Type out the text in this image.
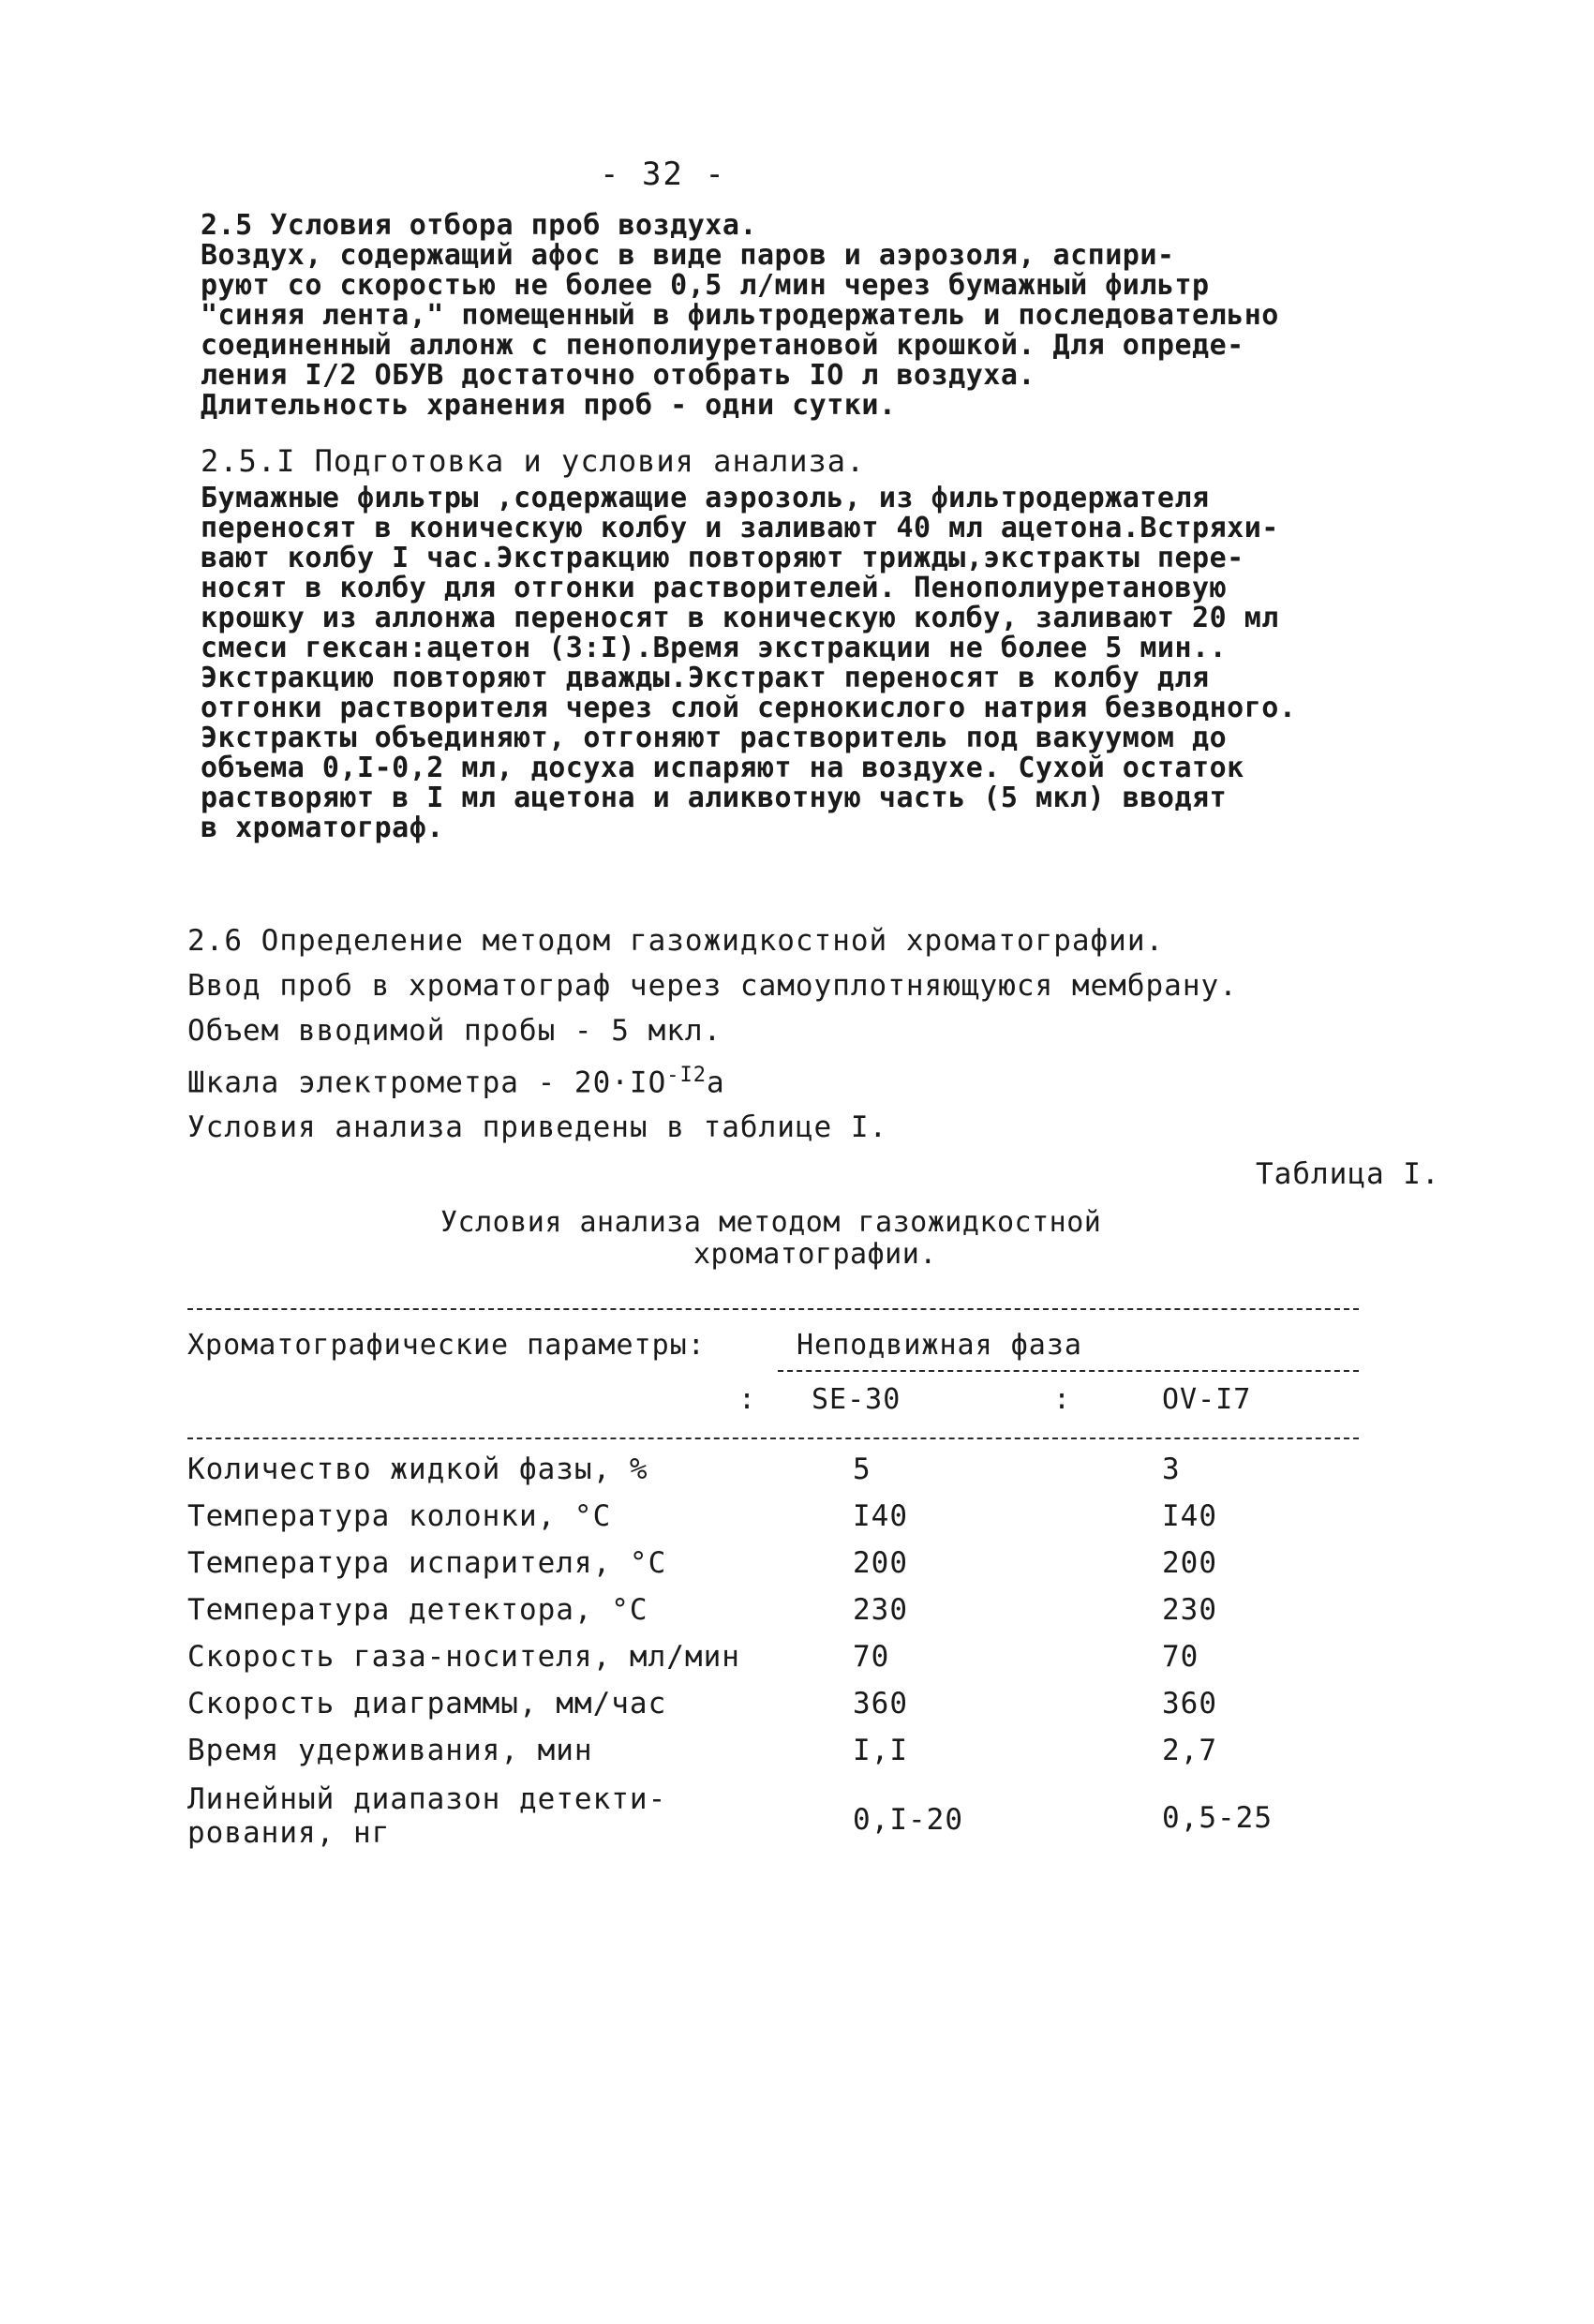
- 32 -
2.5 Условия отбора проб воздуха.
Воздух, содержащий афос в виде паров и аэрозоля, аспири-
руют со скоростью не более 0,5 л/мин через бумажный фильтр
"синяя лента," помещенный в фильтродержатель и последовательно
соединенный аллонж с пенополиуретановой крошкой. Для опреде-
ления I/2 ОБУВ достаточно отобрать IO л воздуха.
Длительность хранения проб - одни сутки.
2.5.I Подготовка и условия анализа.
Бумажные фильтры ,содержащие аэрозоль, из фильтродержателя
переносят в коническую колбу и заливают 40 мл ацетона.Встряхи-
вают колбу I час.Экстракцию повторяют трижды,экстракты пере-
носят в колбу для отгонки растворителей. Пенополиуретановую
крошку из аллонжа переносят в коническую колбу, заливают 20 мл
смеси гексан:ацетон (3:I).Время экстракции не более 5 мин..
Экстракцию повторяют дважды.Экстракт переносят в колбу для
отгонки растворителя через слой сернокислого натрия безводного.
Экстракты объединяют, отгоняют растворитель под вакуумом до
объема 0,I-0,2 мл, досуха испаряют на воздухе. Сухой остаток
растворяют в I мл ацетона и аликвотную часть (5 мкл) вводят
в хроматограф.
2.6 Определение методом газожидкостной хроматографии.
Ввод проб в хроматограф через самоуплотняющуюся мембрану.
Объем вводимой пробы - 5 мкл.
Шкала электрометра - $20\cdot IO^{-I2}а$
Условия анализа приведены в таблице I.
Таблица I.
Условия анализа методом газожидкостной
хроматографии.
Хроматографические параметры:	Неподвижная фаза
: SE-30	:	OV-I7
Количество жидкой фазы, %	5	3
Температура колонки, °С	I40	I40
Температура испарителя, °С	200	200
Температура детектора, °С	230	230
Скорость газа-носителя, мл/мин	70	70
Скорость диаграммы, мм/час	360	360
Время удерживания, мин	I,I	2,7
Линейный диапазон детекти-
рования, нг	0,I-20	0,5-25
